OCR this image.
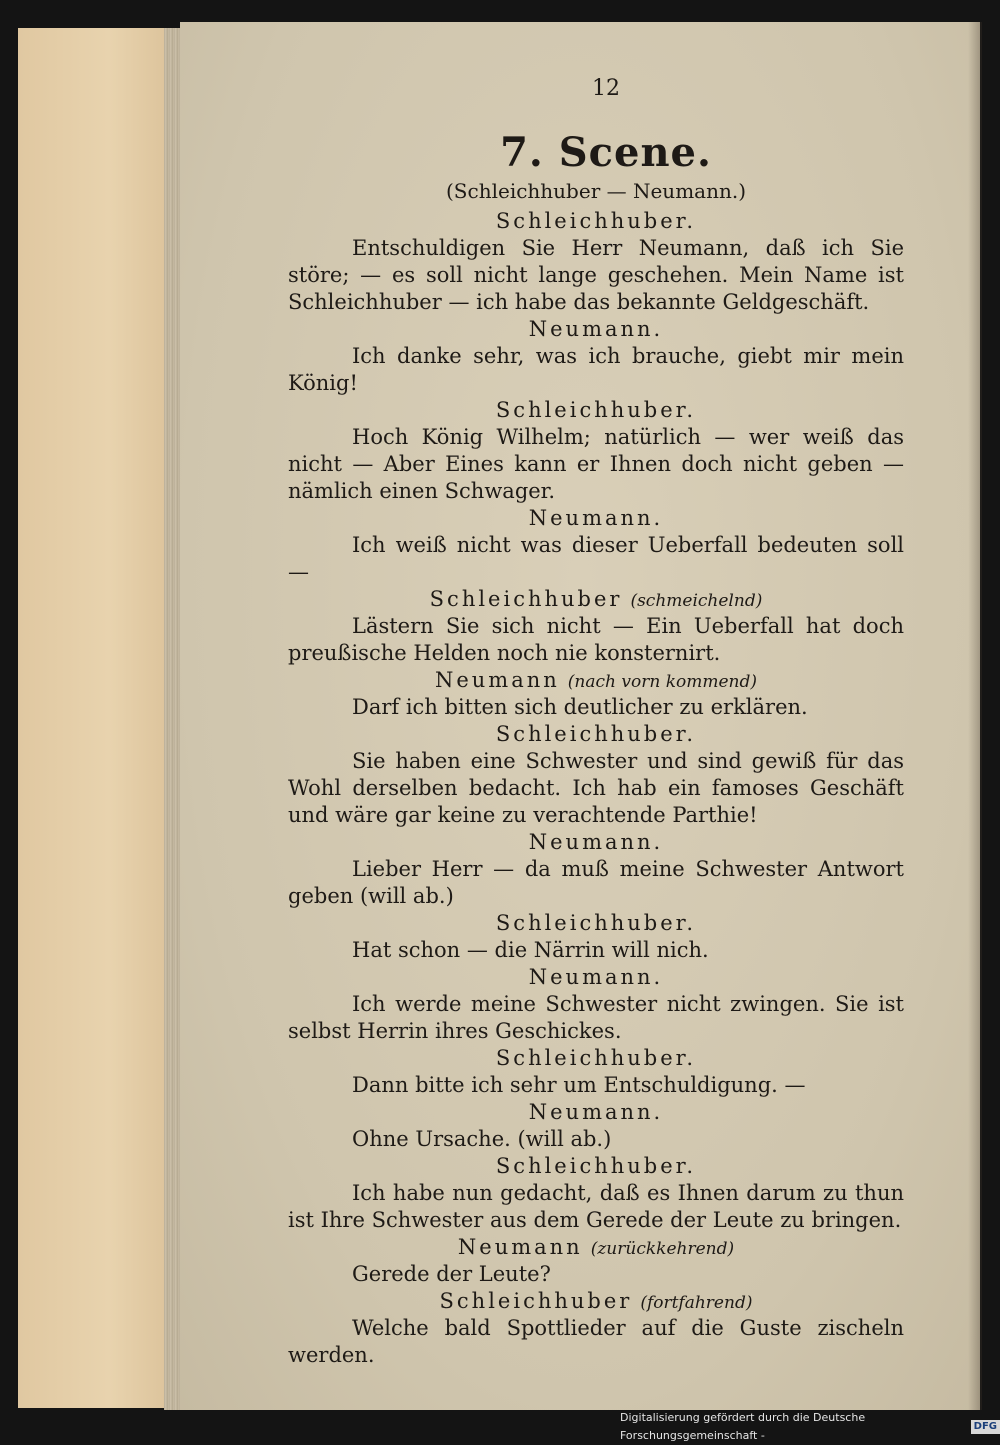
12
7. Scene.
(Schleichhuber — Neumann.)
Schleichhuber.
Entschuldigen Sie Herr Neumann, daß ich Sie störe; — es soll nicht lange geschehen. Mein Name ist Schleichhuber — ich habe das bekannte Geldgeschäft.
Neumann.
Ich danke sehr, was ich brauche, giebt mir mein König!
Schleichhuber.
Hoch König Wilhelm; natürlich — wer weiß das nicht — Aber Eines kann er Ihnen doch nicht geben — nämlich einen Schwager.
Neumann.
Ich weiß nicht was dieser Ueberfall bedeuten soll —
Schleichhuber (schmeichelnd)
Lästern Sie sich nicht — Ein Ueberfall hat doch preußische Helden noch nie konsternirt.
Neumann (nach vorn kommend)
Darf ich bitten sich deutlicher zu erklären.
Schleichhuber.
Sie haben eine Schwester und sind gewiß für das Wohl derselben bedacht. Ich hab ein famoses Geschäft und wäre gar keine zu verachtende Parthie!
Neumann.
Lieber Herr — da muß meine Schwester Antwort geben (will ab.)
Schleichhuber.
Hat schon — die Närrin will nich.
Neumann.
Ich werde meine Schwester nicht zwingen. Sie ist selbst Herrin ihres Geschickes.
Schleichhuber.
Dann bitte ich sehr um Entschuldigung. —
Neumann.
Ohne Ursache. (will ab.)
Schleichhuber.
Ich habe nun gedacht, daß es Ihnen darum zu thun ist Ihre Schwester aus dem Gerede der Leute zu bringen.
Neumann (zurückkehrend)
Gerede der Leute?
Schleichhuber (fortfahrend)
Welche bald Spottlieder auf die Guste zischeln werden.
Digitalisierung gefördert durch die Deutsche Forschungsgemeinschaft -
DFG
